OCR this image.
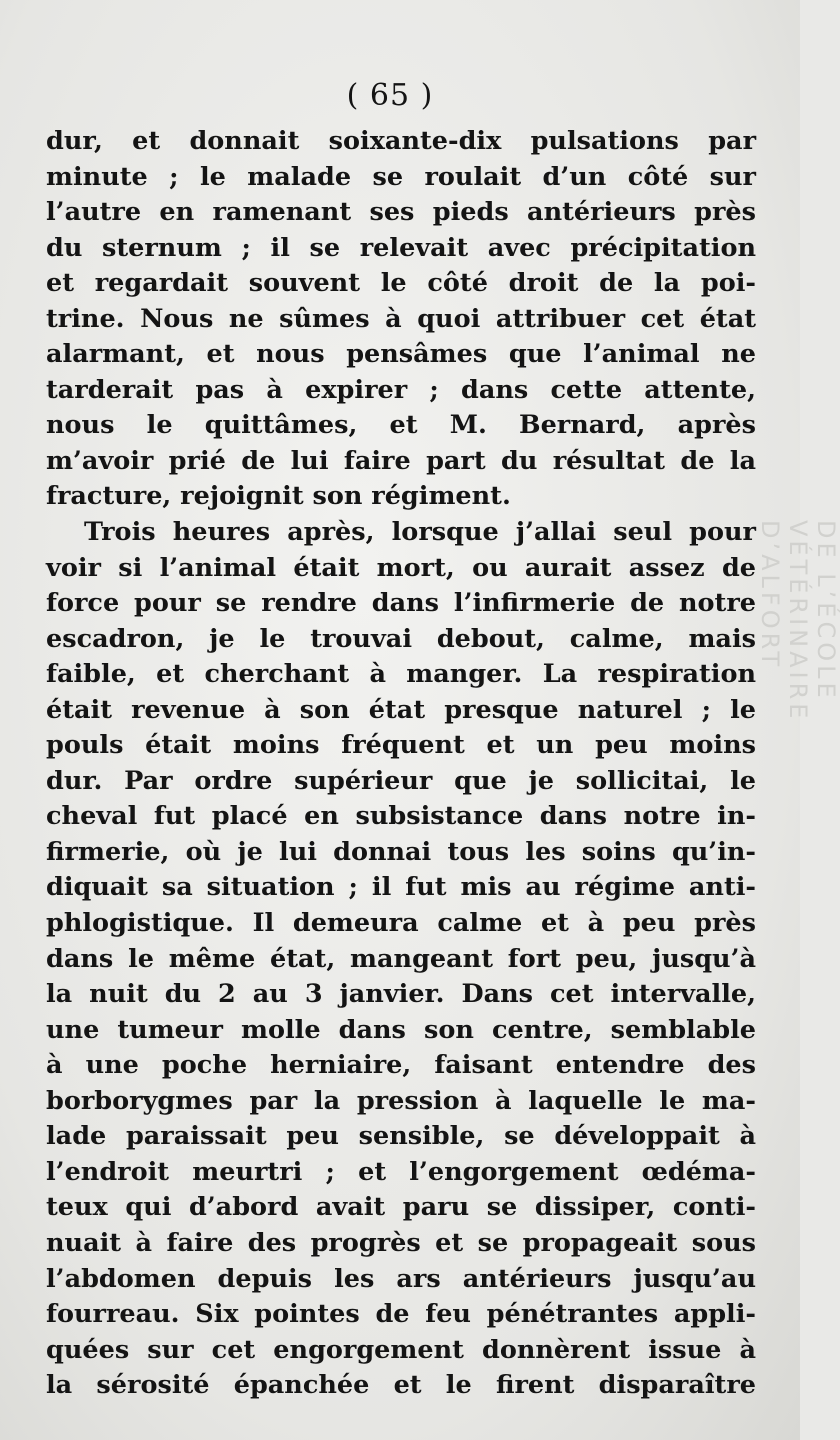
( 65 )
DE L’ÉCOLE VÉTÉRINAIRE D’ALFORT
dur, et donnait soixante-dix pulsations par
minute ; le malade se roulait d’un côté sur
l’autre en ramenant ses pieds antérieurs près
du sternum ; il se relevait avec précipitation
et regardait souvent le côté droit de la poi-
trine. Nous ne sûmes à quoi attribuer cet état
alarmant, et nous pensâmes que l’animal ne
tarderait pas à expirer ; dans cette attente,
nous le quittâmes, et M. Bernard, après
m’avoir prié de lui faire part du résultat de la
fracture, rejoignit son régiment.
Trois heures après, lorsque j’allai seul pour
voir si l’animal était mort, ou aurait assez de
force pour se rendre dans l’infirmerie de notre
escadron, je le trouvai debout, calme, mais
faible, et cherchant à manger. La respiration
était revenue à son état presque naturel ; le
pouls était moins fréquent et un peu moins
dur. Par ordre supérieur que je sollicitai, le
cheval fut placé en subsistance dans notre in-
firmerie, où je lui donnai tous les soins qu’in-
diquait sa situation ; il fut mis au régime anti-
phlogistique. Il demeura calme et à peu près
dans le même état, mangeant fort peu, jusqu’à
la nuit du 2 au 3 janvier. Dans cet intervalle,
une tumeur molle dans son centre, semblable
à une poche herniaire, faisant entendre des
borborygmes par la pression à laquelle le ma-
lade paraissait peu sensible, se développait à
l’endroit meurtri ; et l’engorgement œdéma-
teux qui d’abord avait paru se dissiper, conti-
nuait à faire des progrès et se propageait sous
l’abdomen depuis les ars antérieurs jusqu’au
fourreau. Six pointes de feu pénétrantes appli-
quées sur cet engorgement donnèrent issue à
la sérosité épanchée et le firent disparaître
